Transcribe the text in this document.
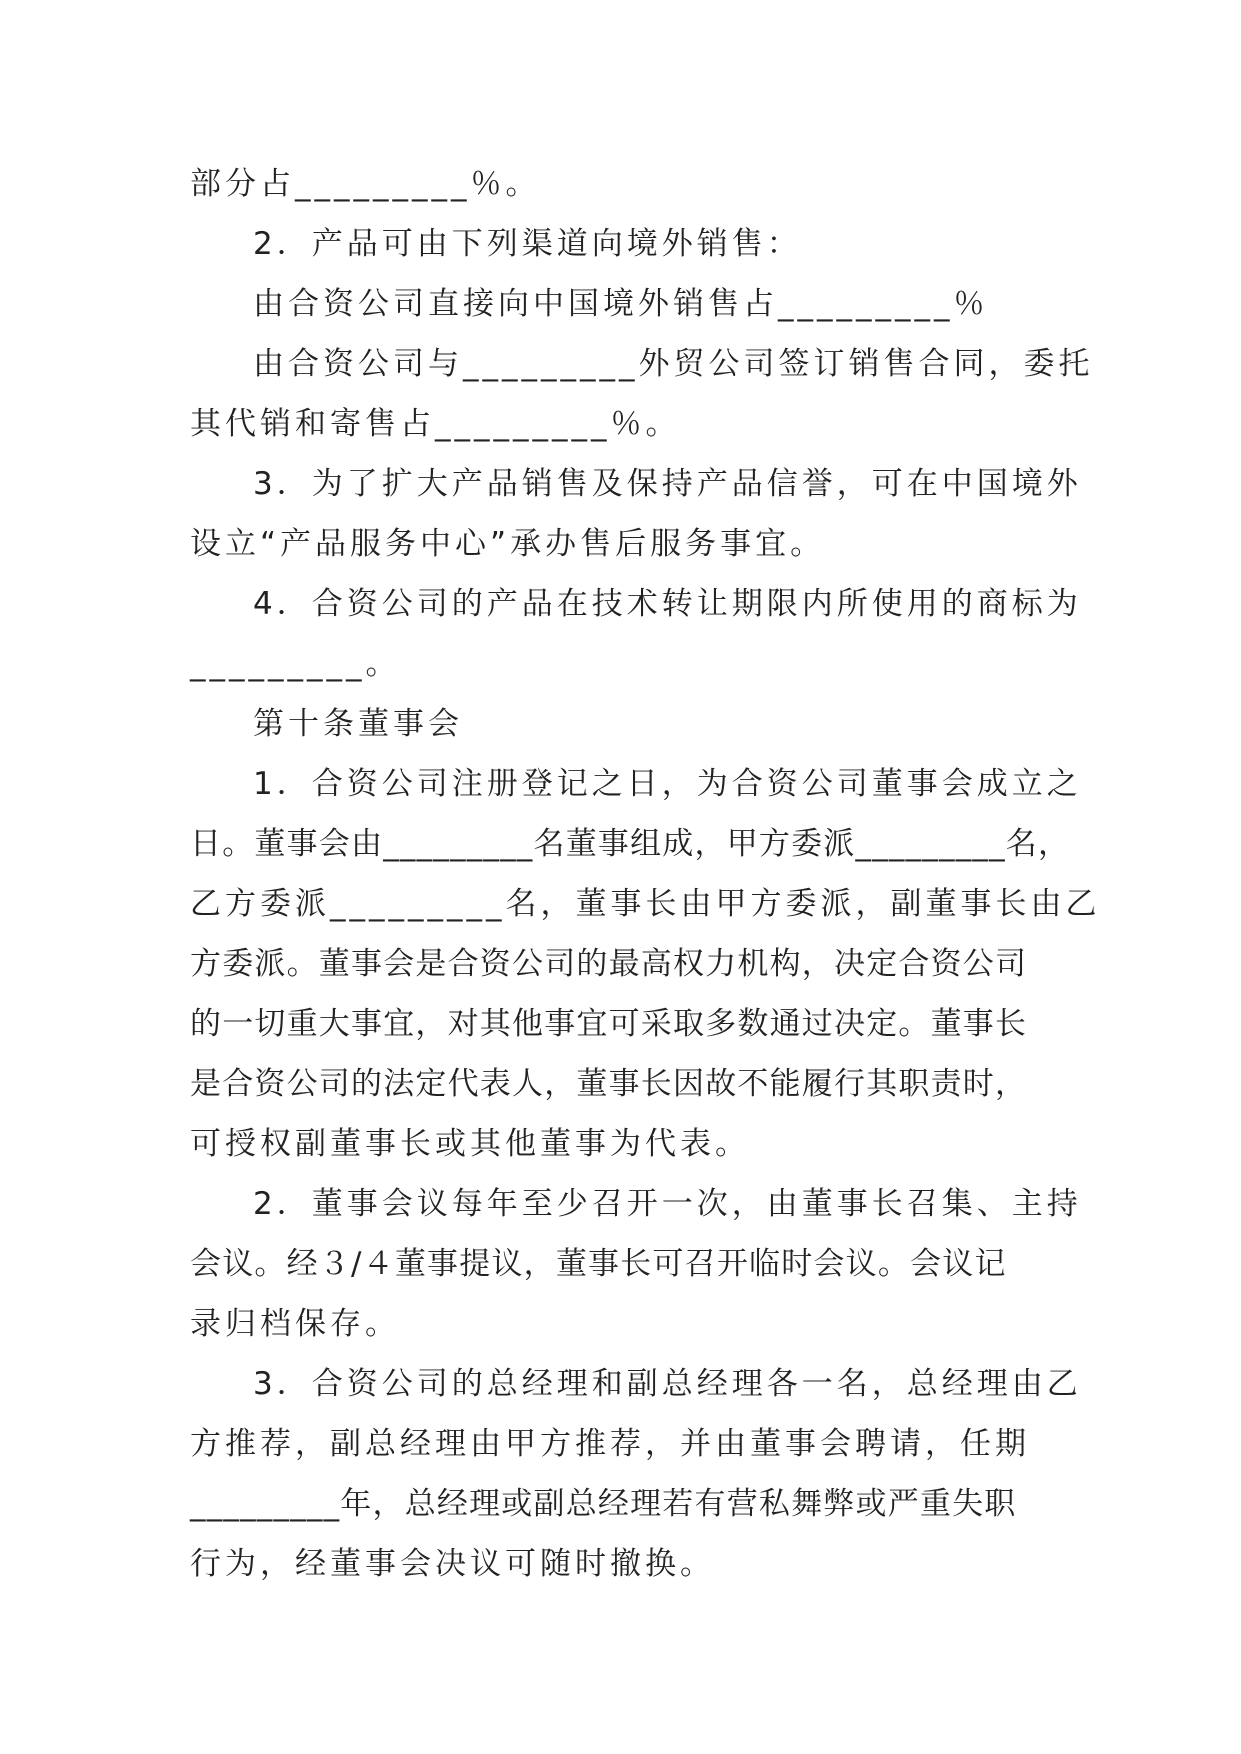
部分占_________％。
2．产品可由下列渠道向境外销售：
由合资公司直接向中国境外销售占_________％
由合资公司与_________外贸公司签订销售合同，委托
其代销和寄售占_________％。
3．为了扩大产品销售及保持产品信誉，可在中国境外
设立“产品服务中心”承办售后服务事宜。
4．合资公司的产品在技术转让期限内所使用的商标为
_________。
第十条董事会
1．合资公司注册登记之日，为合资公司董事会成立之
日。董事会由_________名董事组成，甲方委派_________名，
乙方委派_________名，董事长由甲方委派，副董事长由乙
方委派。董事会是合资公司的最高权力机构，决定合资公司
的一切重大事宜，对其他事宜可采取多数通过决定。董事长
是合资公司的法定代表人，董事长因故不能履行其职责时，
可授权副董事长或其他董事为代表。
2．董事会议每年至少召开一次，由董事长召集、主持
会议。经３/４董事提议，董事长可召开临时会议。会议记
录归档保存。
3．合资公司的总经理和副总经理各一名，总经理由乙
方推荐，副总经理由甲方推荐，并由董事会聘请，任期
_________年，总经理或副总经理若有营私舞弊或严重失职
行为，经董事会决议可随时撤换。
